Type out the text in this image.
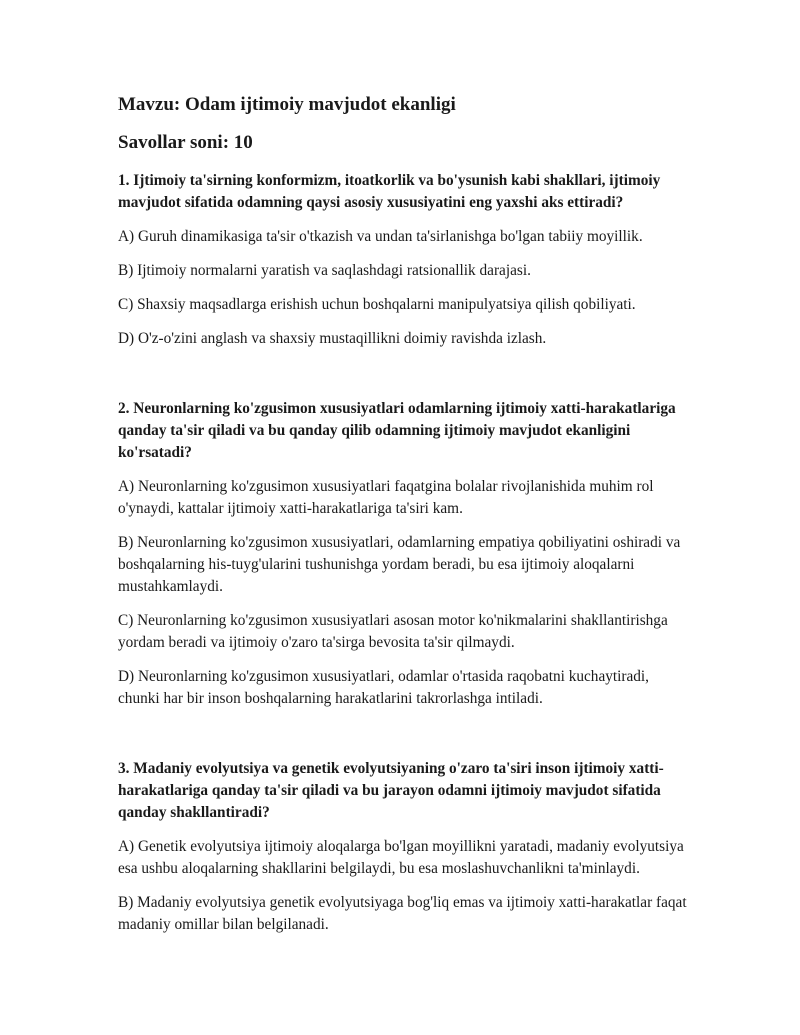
Mavzu: Odam ijtimoiy mavjudot ekanligi
Savollar soni: 10

1. Ijtimoiy ta'sirning konformizm, itoatkorlik va bo'ysunish kabi shakllari, ijtimoiy mavjudot sifatida odamning qaysi asosiy xususiyatini eng yaxshi aks ettiradi?

A) Guruh dinamikasiga ta'sir o'tkazish va undan ta'sirlanishga bo'lgan tabiiy moyillik.

B) Ijtimoiy normalarni yaratish va saqlashdagi ratsionallik darajasi.

C) Shaxsiy maqsadlarga erishish uchun boshqalarni manipulyatsiya qilish qobiliyati.

D) O'z-o'zini anglash va shaxsiy mustaqillikni doimiy ravishda izlash.

2. Neuronlarning ko'zgusimon xususiyatlari odamlarning ijtimoiy xatti-harakatlariga qanday ta'sir qiladi va bu qanday qilib odamning ijtimoiy mavjudot ekanligini ko'rsatadi?

A) Neuronlarning ko'zgusimon xususiyatlari faqatgina bolalar rivojlanishida muhim rol o'ynaydi, kattalar ijtimoiy xatti-harakatlariga ta'siri kam.

B) Neuronlarning ko'zgusimon xususiyatlari, odamlarning empatiya qobiliyatini oshiradi va boshqalarning his-tuyg'ularini tushunishga yordam beradi, bu esa ijtimoiy aloqalarni mustahkamlaydi.

C) Neuronlarning ko'zgusimon xususiyatlari asosan motor ko'nikmalarini shakllantirishga yordam beradi va ijtimoiy o'zaro ta'sirga bevosita ta'sir qilmaydi.

D) Neuronlarning ko'zgusimon xususiyatlari, odamlar o'rtasida raqobatni kuchaytiradi, chunki har bir inson boshqalarning harakatlarini takrorlashga intiladi.

3. Madaniy evolyutsiya va genetik evolyutsiyaning o'zaro ta'siri inson ijtimoiy xatti-harakatlariga qanday ta'sir qiladi va bu jarayon odamni ijtimoiy mavjudot sifatida qanday shakllantiradi?

A) Genetik evolyutsiya ijtimoiy aloqalarga bo'lgan moyillikni yaratadi, madaniy evolyutsiya esa ushbu aloqalarning shakllarini belgilaydi, bu esa moslashuvchanlikni ta'minlaydi.

B) Madaniy evolyutsiya genetik evolyutsiyaga bog'liq emas va ijtimoiy xatti-harakatlar faqat madaniy omillar bilan belgilanadi.
